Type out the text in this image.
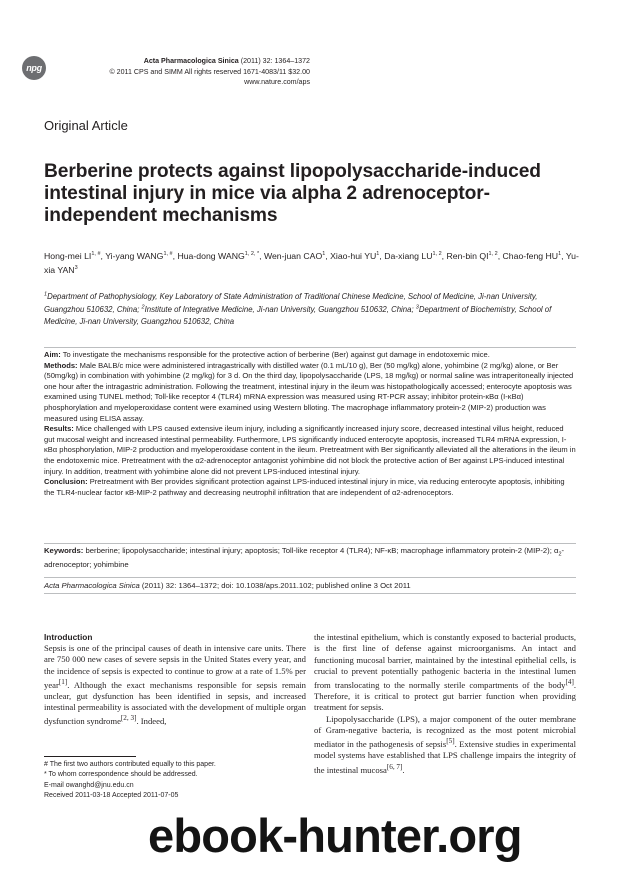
npg
Acta Pharmacologica Sinica (2011) 32: 1364–1372
© 2011 CPS and SIMM All rights reserved 1671-4083/11 $32.00
www.nature.com/aps
Original Article
Berberine protects against lipopolysaccharide-induced intestinal injury in mice via alpha 2 adrenoceptor-independent mechanisms
Hong-mei $LI^{1, \#}$, Yi-yang $WANG^{1, \#}$, Hua-dong $WANG^{1, 2, *}$, Wen-juan CAO$^1$, Xiao-hui $YU^1$, Da-xiang LU$^{1, 2}$, Ren-bin QI$^{1, 2}$, Chao-feng $HU^1$, Yu-xia YAN$^3$
$^1$Department of Pathophysiology, Key Laboratory of State Administration of Traditional Chinese Medicine, School of Medicine, Ji-nan University, Guangzhou 510632, China; $^2$Institute of Integrative Medicine, Ji-nan University, Guangzhou 510632, China; $^3$Department of Biochemistry, School of Medicine, Ji-nan University, Guangzhou 510632, China
Aim: To investigate the mechanisms responsible for the protective action of berberine (Ber) against gut damage in endotoxemic mice.
Methods: Male BALB/c mice were administered intragastrically with distilled water (0.1 mL/10 g), Ber (50 mg/kg) alone, yohimbine (2 mg/kg) alone, or Ber (50mg/kg) in combination with yohimbine (2 mg/kg) for 3 d. On the third day, lipopolysaccharide (LPS, 18 mg/kg) or normal saline was intraperitoneally injected one hour after the intragastric administration. Following the treatment, intestinal injury in the ileum was histopathologically accessed; enterocyte apoptosis was examined using TUNEL method; Toll-like receptor 4 (TLR4) mRNA expression was measured using RT-PCR assay; inhibitor protein-κBα (I-κBα) phosphorylation and myeloperoxidase content were examined using Western blloting. The macrophage inflammatory protein-2 (MIP-2) production was measured using ELISA assay.
Results: Mice challenged with LPS caused extensive ileum injury, including a significantly increased injury score, decreased intestinal villus height, reduced gut mucosal weight and increased intestinal permeability. Furthermore, LPS significantly induced enterocyte apoptosis, increased TLR4 mRNA expression, I-κBα phosphorylation, MIP-2 production and myeloperoxidase content in the ileum. Pretreatment with Ber significantly alleviated all the alterations in the ileum in the endotoxemic mice. Pretreatment with the α2-adrenoceptor antagonist yohimbine did not block the protective action of Ber against LPS-induced intestinal injury. In addition, treatment with yohimbine alone did not prevent LPS-induced intestinal injury.
Conclusion: Pretreatment with Ber provides significant protection against LPS-induced intestinal injury in mice, via reducing enterocyte apoptosis, inhibiting the TLR4-nuclear factor κB-MIP-2 pathway and decreasing neutrophil infiltration that are independent of α2-adrenoceptors.
Keywords: berberine; lipopolysaccharide; intestinal injury; apoptosis; Toll-like receptor 4 (TLR4); NF-κB; macrophage inflammatory protein-2 (MIP-2); $\alpha_2$-adrenoceptor; yohimbine
Acta Pharmacologica Sinica (2011) 32: 1364–1372; doi: 10.1038/aps.2011.102; published online 3 Oct 2011
Introduction

Sepsis is one of the principal causes of death in intensive care units. There are 750 000 new cases of severe sepsis in the United States every year, and the incidence of sepsis is expected to continue to grow at a rate of 1.5% per year[1]. Although the exact mechanisms responsible for sepsis remain unclear, gut dysfunction has been identified in sepsis, and increased intestinal permeability is associated with the development of multiple organ dysfunction syndrome[2, 3]. Indeed,

the intestinal epithelium, which is constantly exposed to bacterial products, is the first line of defense against microorganisms. An intact and functioning mucosal barrier, maintained by the intestinal epithelial cells, is crucial to prevent potentially pathogenic bacteria in the intestinal lumen from translocating to the normally sterile compartments of the body[4]. Therefore, it is critical to protect gut barrier function when providing treatment for sepsis.

Lipopolysaccharide (LPS), a major component of the outer membrane of Gram-negative bacteria, is recognized as the most potent microbial mediator in the pathogenesis of sepsis[5]. Extensive studies in experimental model systems have established that LPS challenge impairs the integrity of the intestinal mucosa[6, 7].

# The first two authors contributed equally to this paper.
* To whom correspondence should be addressed.
E-mail owanghd@jnu.edu.cn
Received 2011-03-18 Accepted 2011-07-05
ebook-hunter.org
